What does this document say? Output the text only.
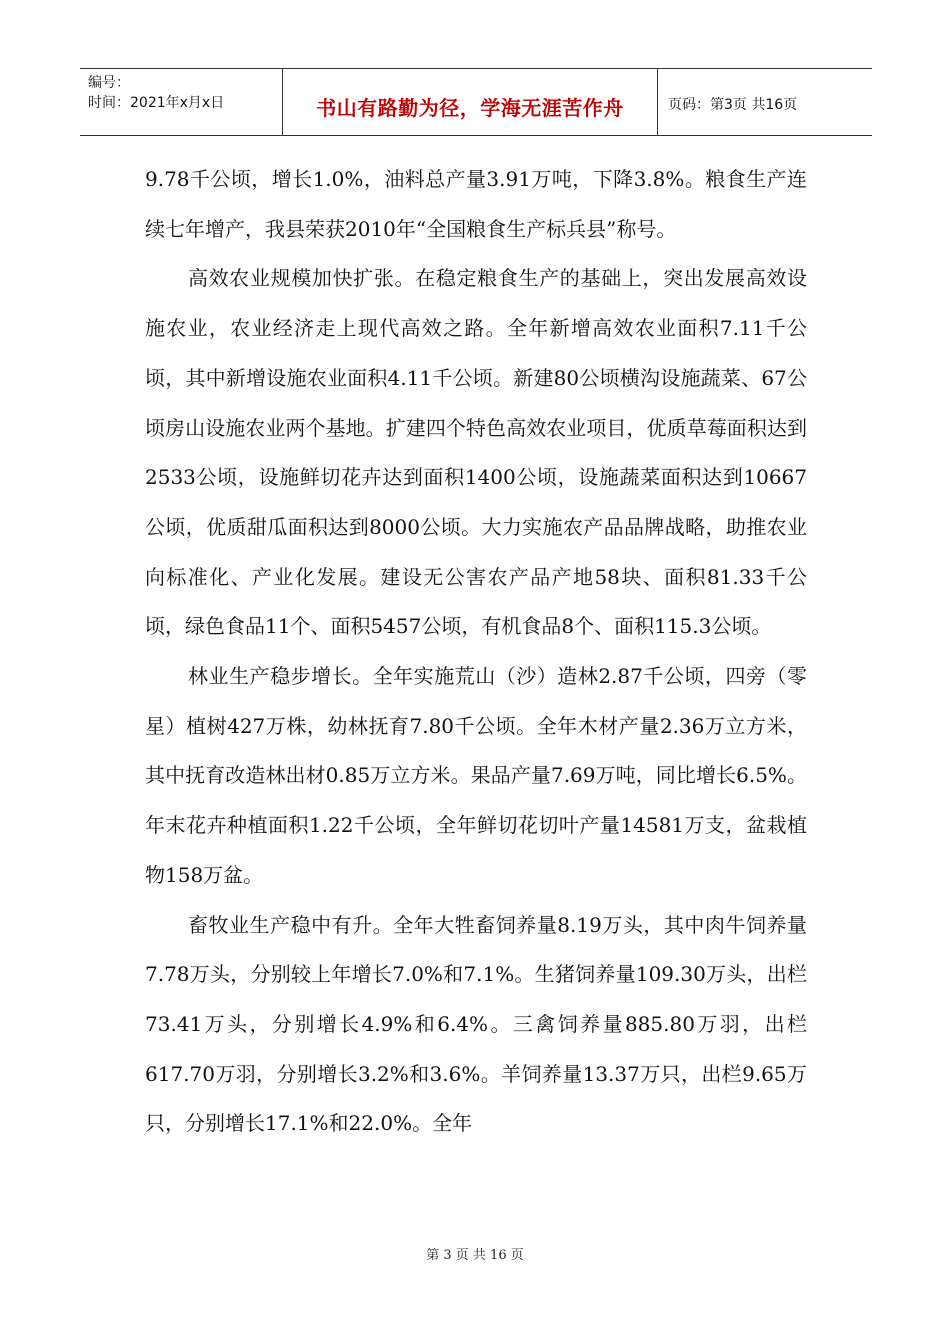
编号：
时间：2021年x月x日	书山有路勤为径，学海无涯苦作舟	页码：第3页 共16页

9.78千公顷，增长1.0%，油料总产量3.91万吨，下降3.8%。粮食生产连续七年增产，我县荣获2010年“全国粮食生产标兵县”称号。

高效农业规模加快扩张。在稳定粮食生产的基础上，突出发展高效设施农业，农业经济走上现代高效之路。全年新增高效农业面积7.11千公顷，其中新增设施农业面积4.11千公顷。新建80公顷横沟设施蔬菜、67公顷房山设施农业两个基地。扩建四个特色高效农业项目，优质草莓面积达到2533公顷，设施鲜切花卉达到面积1400公顷，设施蔬菜面积达到10667公顷，优质甜瓜面积达到8000公顷。大力实施农产品品牌战略，助推农业向标准化、产业化发展。建设无公害农产品产地58块、面积81.33千公顷，绿色食品11个、面积5457公顷，有机食品8个、面积115.3公顷。

林业生产稳步增长。全年实施荒山（沙）造林2.87千公顷，四旁（零星）植树427万株，幼林抚育7.80千公顷。全年木材产量2.36万立方米，其中抚育改造林出材0.85万立方米。果品产量7.69万吨，同比增长6.5%。年末花卉种植面积1.22千公顷，全年鲜切花切叶产量14581万支，盆栽植物158万盆。

畜牧业生产稳中有升。全年大牲畜饲养量8.19万头，其中肉牛饲养量7.78万头，分别较上年增长7.0%和7.1%。生猪饲养量109.30万头，出栏73.41万头，分别增长4.9%和6.4%。三禽饲养量885.80万羽，出栏617.70万羽，分别增长3.2%和3.6%。羊饲养量13.37万只，出栏9.65万只，分别增长17.1%和22.0%。全年

第 3 页 共 16 页
